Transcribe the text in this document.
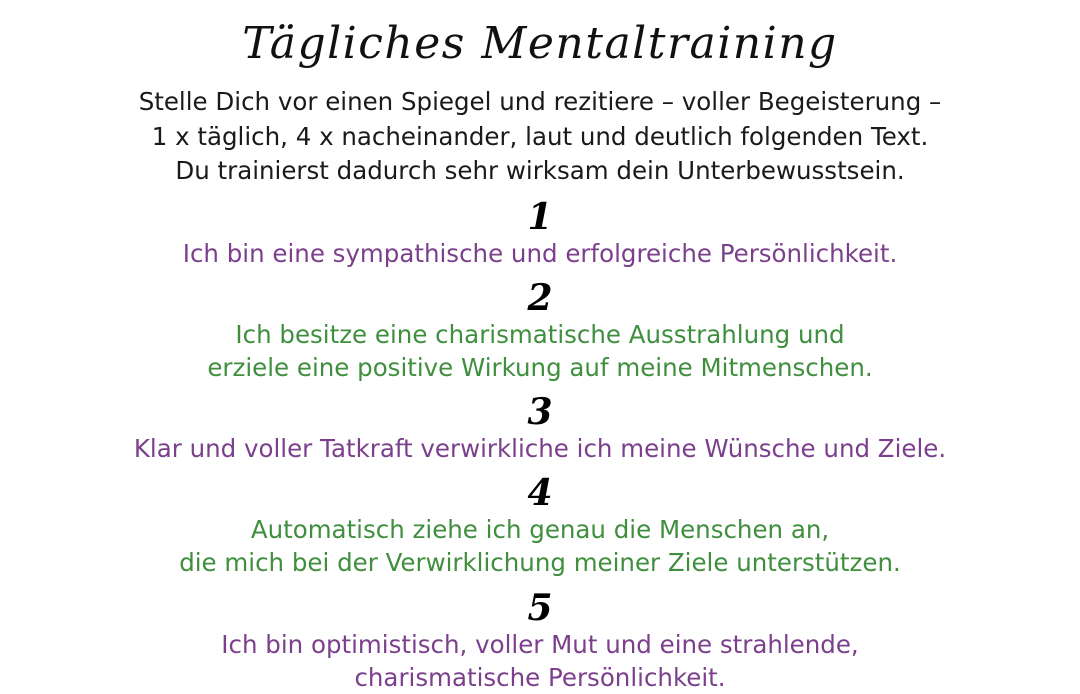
Tägliches Mentaltraining
Stelle Dich vor einen Spiegel und rezitiere – voller Begeisterung –
1 x täglich, 4 x nacheinander, laut und deutlich folgenden Text.
Du trainierst dadurch sehr wirksam dein Unterbewusstsein.
1
Ich bin eine sympathische und erfolgreiche Persönlichkeit.
2
Ich besitze eine charismatische Ausstrahlung und
erziele eine positive Wirkung auf meine Mitmenschen.
3
Klar und voller Tatkraft verwirkliche ich meine Wünsche und Ziele.
4
Automatisch ziehe ich genau die Menschen an,
die mich bei der Verwirklichung meiner Ziele unterstützen.
5
Ich bin optimistisch, voller Mut und eine strahlende,
charismatische Persönlichkeit.
